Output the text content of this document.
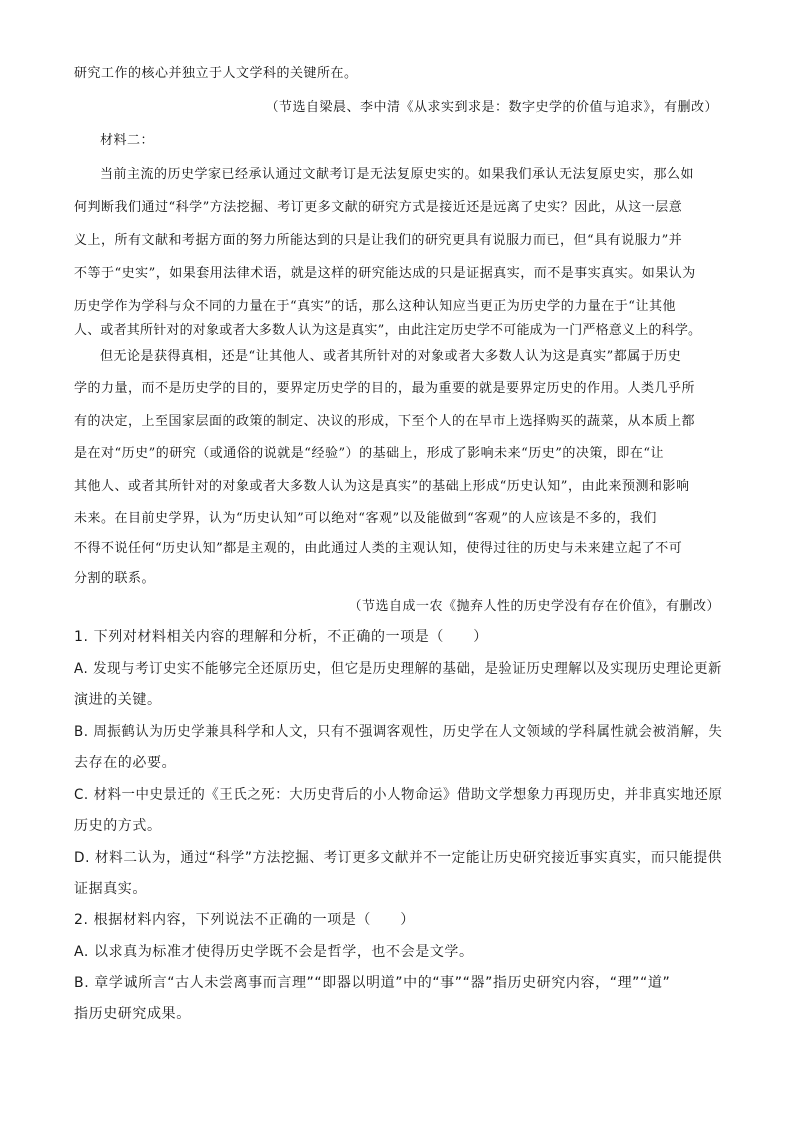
研究工作的核心并独立于人文学科的关键所在。
（节选自梁晨、李中清《从求实到求是：数字史学的价值与追求》，有删改）
材料二：
当前主流的历史学家已经承认通过文献考订是无法复原史实的。如果我们承认无法复原史实，那么如
何判断我们通过“科学”方法挖掘、考订更多文献的研究方式是接近还是远离了史实？因此，从这一层意
义上，所有文献和考据方面的努力所能达到的只是让我们的研究更具有说服力而已，但“具有说服力”并
不等于“史实”，如果套用法律术语，就是这样的研究能达成的只是证据真实，而不是事实真实。如果认为
历史学作为学科与众不同的力量在于“真实”的话，那么这种认知应当更正为历史学的力量在于“让其他
人、或者其所针对的对象或者大多数人认为这是真实”，由此注定历史学不可能成为一门严格意义上的科学。
但无论是获得真相，还是“让其他人、或者其所针对的对象或者大多数人认为这是真实”都属于历史
学的力量，而不是历史学的目的，要界定历史学的目的，最为重要的就是要界定历史的作用。人类几乎所
有的决定，上至国家层面的政策的制定、决议的形成，下至个人的在早市上选择购买的蔬菜，从本质上都
是在对“历史”的研究（或通俗的说就是“经验”）的基础上，形成了影响未来“历史”的决策，即在“让
其他人、或者其所针对的对象或者大多数人认为这是真实”的基础上形成“历史认知”，由此来预测和影响
未来。在目前史学界，认为“历史认知”可以绝对“客观”以及能做到“客观”的人应该是不多的，我们
不得不说任何“历史认知”都是主观的，由此通过人类的主观认知，使得过往的历史与未来建立起了不可
分割的联系。
（节选自成一农《抛弃人性的历史学没有存在价值》，有删改）
1. 下列对材料相关内容的理解和分析，不正确的一项是（　　）
A. 发现与考订史实不能够完全还原历史，但它是历史理解的基础，是验证历史理解以及实现历史理论更新
演进的关键。
B. 周振鹤认为历史学兼具科学和人文，只有不强调客观性，历史学在人文领域的学科属性就会被消解，失
去存在的必要。
C. 材料一中史景迁的《王氏之死：大历史背后的小人物命运》借助文学想象力再现历史，并非真实地还原
历史的方式。
D. 材料二认为，通过“科学”方法挖掘、考订更多文献并不一定能让历史研究接近事实真实，而只能提供
证据真实。
2. 根据材料内容，下列说法不正确的一项是（　　）
A. 以求真为标准才使得历史学既不会是哲学，也不会是文学。
B. 章学诚所言“古人未尝离事而言理”“即器以明道”中的“事”“器”指历史研究内容，“理”“道”
指历史研究成果。
